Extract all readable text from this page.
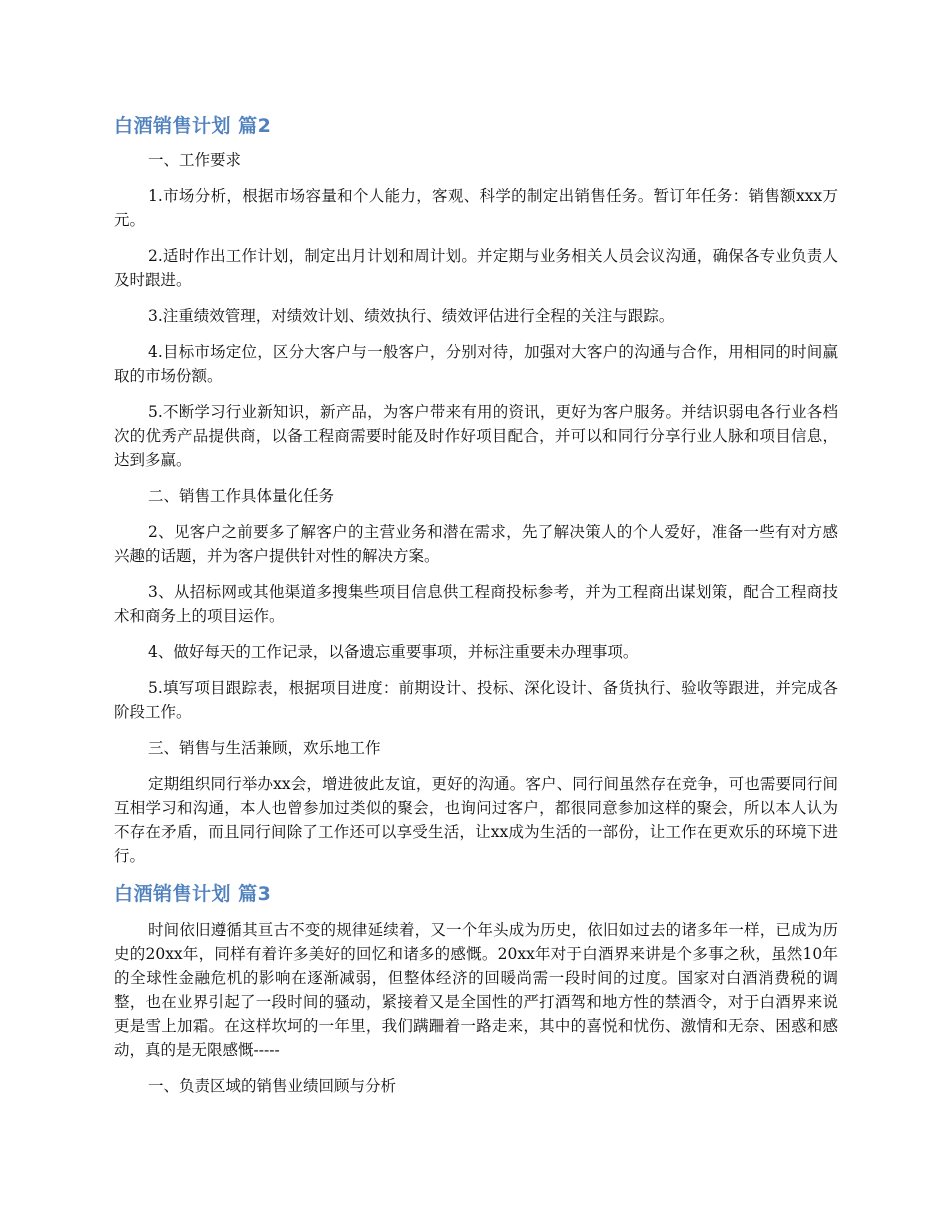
白酒销售计划 篇2

一、工作要求

1.市场分析，根据市场容量和个人能力，客观、科学的制定出销售任务。暂订年任务：销售额xxx万元。

2.适时作出工作计划，制定出月计划和周计划。并定期与业务相关人员会议沟通，确保各专业负责人及时跟进。

3.注重绩效管理，对绩效计划、绩效执行、绩效评估进行全程的关注与跟踪。

4.目标市场定位，区分大客户与一般客户，分别对待，加强对大客户的沟通与合作，用相同的时间赢取的市场份额。

5.不断学习行业新知识，新产品，为客户带来有用的资讯，更好为客户服务。并结识弱电各行业各档次的优秀产品提供商，以备工程商需要时能及时作好项目配合，并可以和同行分享行业人脉和项目信息，达到多赢。

二、销售工作具体量化任务

2、见客户之前要多了解客户的主营业务和潜在需求，先了解决策人的个人爱好，准备一些有对方感兴趣的话题，并为客户提供针对性的解决方案。

3、从招标网或其他渠道多搜集些项目信息供工程商投标参考，并为工程商出谋划策，配合工程商技术和商务上的项目运作。

4、做好每天的工作记录，以备遗忘重要事项，并标注重要未办理事项。

5.填写项目跟踪表，根据项目进度：前期设计、投标、深化设计、备货执行、验收等跟进，并完成各阶段工作。

三、销售与生活兼顾，欢乐地工作

定期组织同行举办xx会，增进彼此友谊，更好的沟通。客户、同行间虽然存在竞争，可也需要同行间互相学习和沟通，本人也曾参加过类似的聚会，也询问过客户，都很同意参加这样的聚会，所以本人认为不存在矛盾，而且同行间除了工作还可以享受生活，让xx成为生活的一部份，让工作在更欢乐的环境下进行。

白酒销售计划 篇3

时间依旧遵循其亘古不变的规律延续着，又一个年头成为历史，依旧如过去的诸多年一样，已成为历史的20xx年，同样有着许多美好的回忆和诸多的感慨。20xx年对于白酒界来讲是个多事之秋，虽然10年的全球性金融危机的影响在逐渐减弱，但整体经济的回暖尚需一段时间的过度。国家对白酒消费税的调整，也在业界引起了一段时间的骚动，紧接着又是全国性的严打酒驾和地方性的禁酒令，对于白酒界来说更是雪上加霜。在这样坎坷的一年里，我们蹒跚着一路走来，其中的喜悦和忧伤、激情和无奈、困惑和感动，真的是无限感慨-----

一、负责区域的销售业绩回顾与分析
